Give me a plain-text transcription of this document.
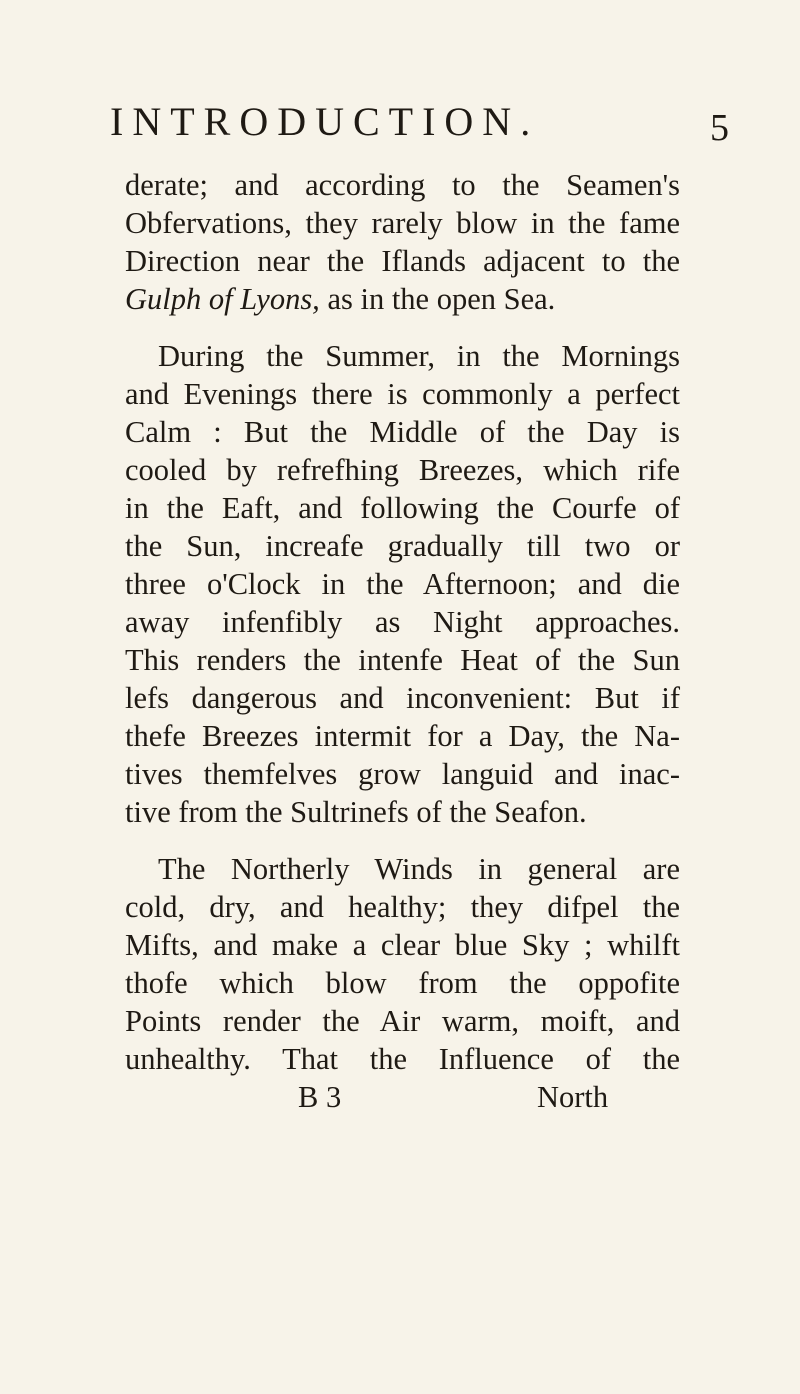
INTRODUCTION.	5
derate; and according to the Seamen's
Obfervations, they rarely blow in the fame
Direction near the Iflands adjacent to the
Gulph of Lyons, as in the open Sea.
During the Summer, in the Mornings
and Evenings there is commonly a perfect
Calm : But the Middle of the Day is
cooled by refrefhing Breezes, which rife
in the Eaft, and following the Courfe of
the Sun, increafe gradually till two or
three o'Clock in the Afternoon; and die
away infenfibly as Night approaches.
This renders the intenfe Heat of the Sun
lefs dangerous and inconvenient: But if
thefe Breezes intermit for a Day, the Na-
tives themfelves grow languid and inac-
tive from the Sultrinefs of the Seafon.
The Northerly Winds in general are
cold, dry, and healthy; they difpel the
Mifts, and make a clear blue Sky ; whilft
thofe which blow from the oppofite
Points render the Air warm, moift, and
unhealthy. That the Influence of the
B 3	North
